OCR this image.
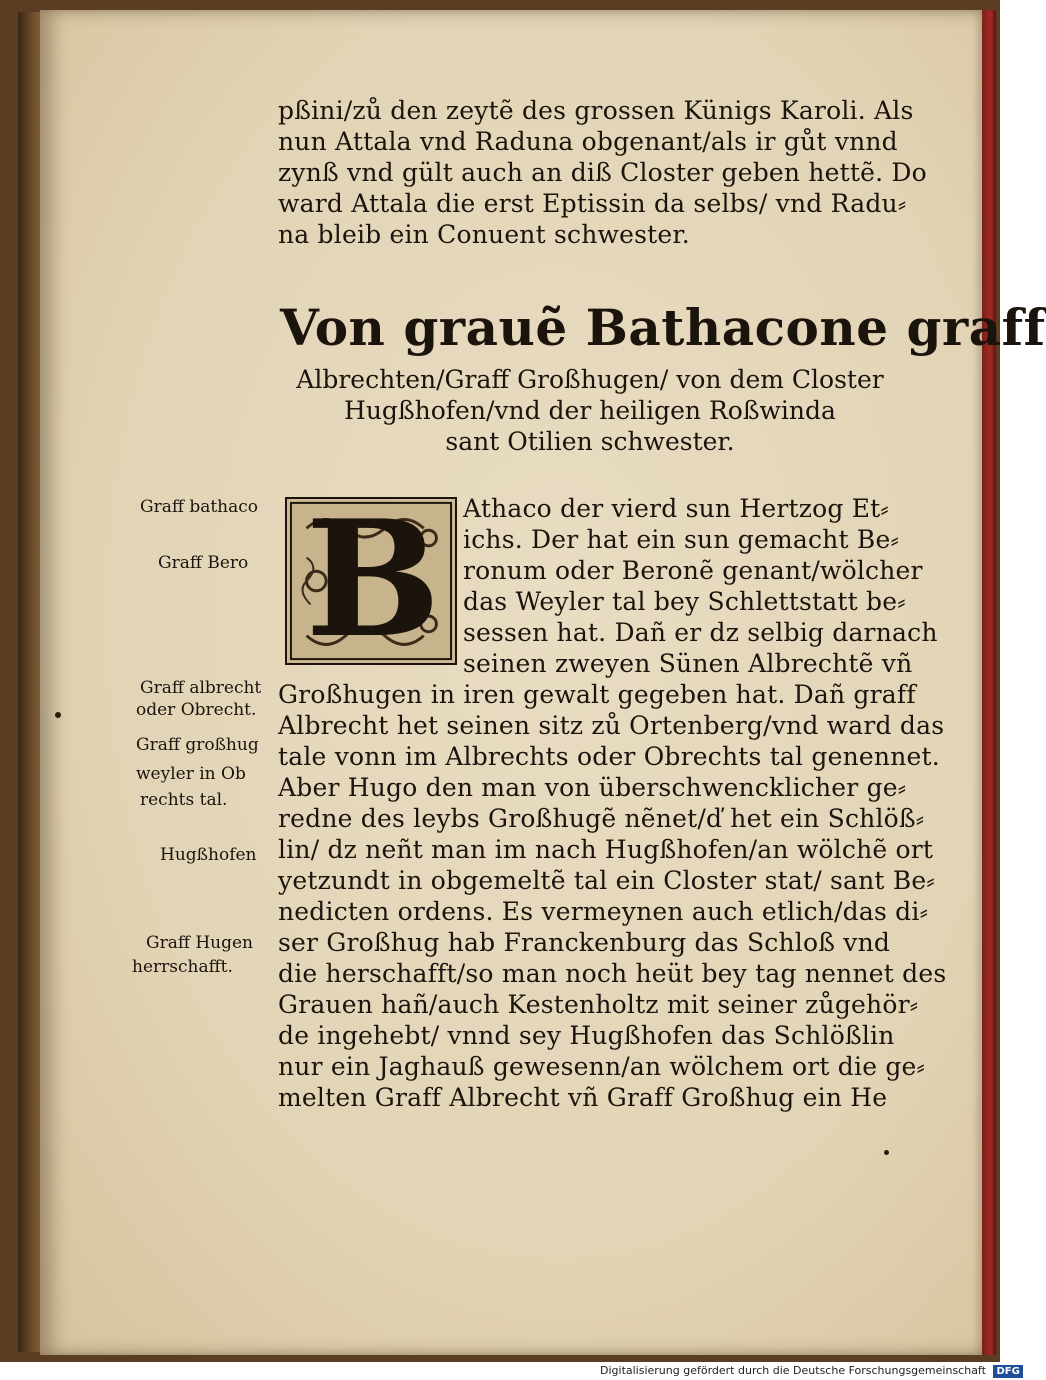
pßini/zů den zeytẽ des grossen Künigs Karoli. Als
nun Attala vnd Raduna obgenant/als ir gůt vnnd
zynß vnd gült auch an diß Closter geben hettẽ. Do
ward Attala die erst Eptissin da selbs/ vnd Radu⸗
na bleib ein Conuent schwester.
Von grauẽ Bathacone graff
Albrechten/Graff Großhugen/ von dem Closter
Hugßhofen/vnd der heiligen Roßwinda
sant Otilien schwester.
B Athaco der vierd sun Hertzog Et⸗
ichs. Der hat ein sun gemacht Be⸗
ronum oder Beronẽ genant/wölcher
das Weyler tal bey Schlettstatt be⸗
sessen hat. Dañ er dz selbig darnach
seinen zweyen Sünen Albrechtẽ vñ
Großhugen in iren gewalt gegeben hat. Dañ graff
Albrecht het seinen sitz zů Ortenberg/vnd ward das
tale vonn im Albrechts oder Obrechts tal genennet.
Aber Hugo den man von überschwencklicher ge⸗
redne des leybs Großhugẽ nẽnet/ď het ein Schlöß⸗
lin/ dz neñt man im nach Hugßhofen/an wölchẽ ort
yetzundt in obgemeltẽ tal ein Closter stat/ sant Be⸗
nedicten ordens. Es vermeynen auch etlich/das di⸗
ser Großhug hab Franckenburg das Schloß vnd
die herschafft/so man noch heüt bey tag nennet des
Grauen hañ/auch Kestenholtz mit seiner zůgehör⸗
de ingehebt/ vnnd sey Hugßhofen das Schlößlin
nur ein Jaghauß gewesenn/an wölchem ort die ge⸗
melten Graff Albrecht vñ Graff Großhug ein He
Graff bathaco
Graff Bero
Graff albrecht
oder Obrecht.
Graff großhug
weyler in Ob
rechts tal.
Hugßhofen
Graff Hugen
herrschafft.
Digitalisierung gefördert durch die Deutsche Forschungsgemeinschaft DFG
